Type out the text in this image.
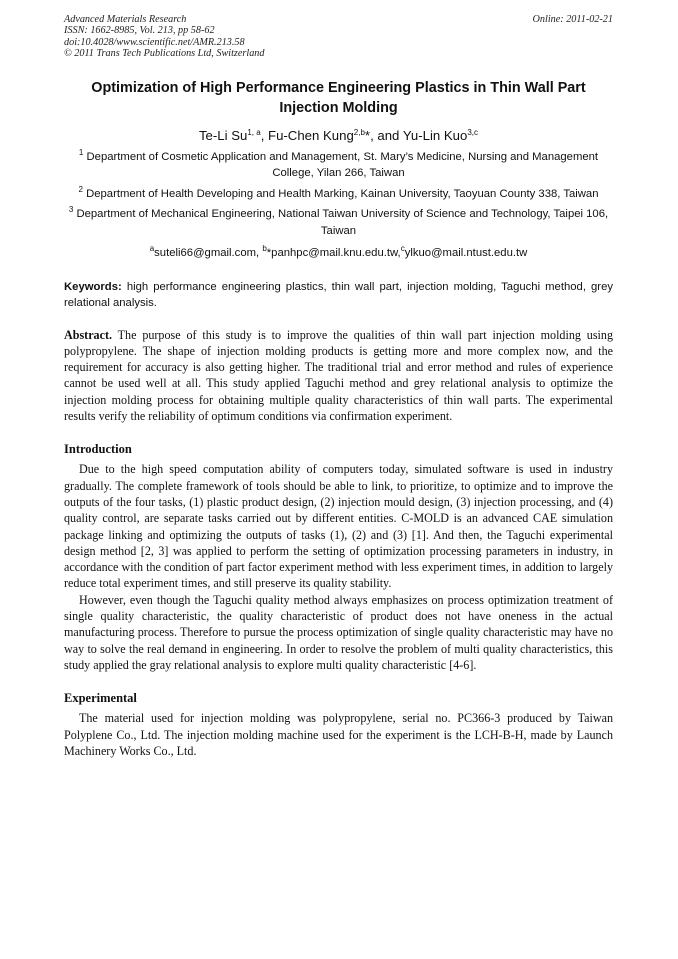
Advanced Materials Research
ISSN: 1662-8985, Vol. 213, pp 58-62
doi:10.4028/www.scientific.net/AMR.213.58
© 2011 Trans Tech Publications Ltd, Switzerland
Online: 2011-02-21
Optimization of High Performance Engineering Plastics in Thin Wall Part Injection Molding
Te-Li Su$^{1, a}$, Fu-Chen Kung$^{2,b}$*, and Yu-Lin Kuo$^{3,c}$
$^1$ Department of Cosmetic Application and Management, St. Mary’s Medicine, Nursing and Management College, Yilan 266, Taiwan
$^2$ Department of Health Developing and Health Marking, Kainan University, Taoyuan County 338, Taiwan
$^3$ Department of Mechanical Engineering, National Taiwan University of Science and Technology, Taipei 106, Taiwan
$^a$suteli66@gmail.com, $^b$*panhpc@mail.knu.edu.tw,$^c$ylkuo@mail.ntust.edu.tw
Keywords: high performance engineering plastics, thin wall part, injection molding, Taguchi method, grey relational analysis.
Abstract. The purpose of this study is to improve the qualities of thin wall part injection molding using polypropylene. The shape of injection molding products is getting more and more complex now, and the requirement for accuracy is also getting higher. The traditional trial and error method and rules of experience cannot be used well at all. This study applied Taguchi method and grey relational analysis to optimize the injection molding process for obtaining multiple quality characteristics of thin wall parts. The experimental results verify the reliability of optimum conditions via confirmation experiment.
Introduction

Due to the high speed computation ability of computers today, simulated software is used in industry gradually. The complete framework of tools should be able to link, to prioritize, to optimize and to improve the outputs of the four tasks, (1) plastic product design, (2) injection mould design, (3) injection processing, and (4) quality control, are separate tasks carried out by different entities. C-MOLD is an advanced CAE simulation package linking and optimizing the outputs of tasks (1), (2) and (3) [1]. And then, the Taguchi experimental design method [2, 3] was applied to perform the setting of optimization processing parameters in industry, in accordance with the condition of part factor experiment method with less experiment times, in addition to largely reduce total experiment times, and still preserve its quality stability.

However, even though the Taguchi quality method always emphasizes on process optimization treatment of single quality characteristic, the quality characteristic of product does not have oneness in the actual manufacturing process. Therefore to pursue the process optimization of single quality characteristic may have no way to solve the real demand in engineering. In order to resolve the problem of multi quality characteristics, this study applied the gray relational analysis to explore multi quality characteristic [4-6].

Experimental

The material used for injection molding was polypropylene, serial no. PC366-3 produced by Taiwan Polyplene Co., Ltd. The injection molding machine used for the experiment is the LCH-B-H, made by Launch Machinery Works Co., Ltd.
